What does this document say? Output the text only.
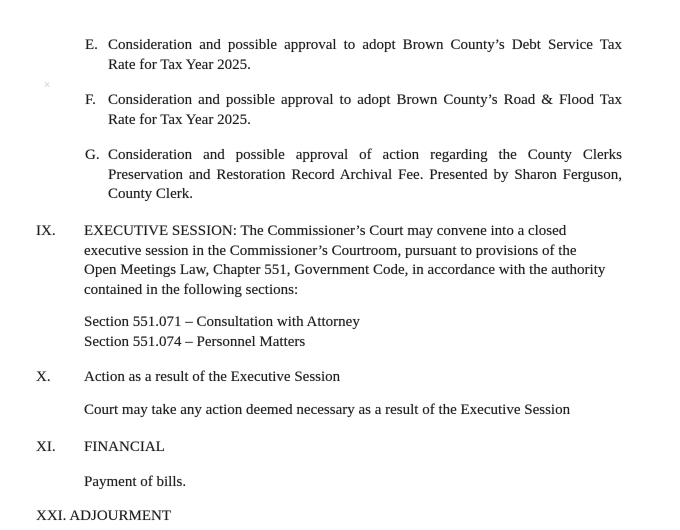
E. Consideration and possible approval to adopt Brown County’s Debt Service Tax
Rate for Tax Year 2025.
F. Consideration and possible approval to adopt Brown County’s Road & Flood Tax
Rate for Tax Year 2025.
G. Consideration and possible approval of action regarding the County Clerks
Preservation and Restoration Record Archival Fee. Presented by Sharon Ferguson,
County Clerk.
IX. EXECUTIVE SESSION: The Commissioner’s Court may convene into a closed
executive session in the Commissioner’s Courtroom, pursuant to provisions of the
Open Meetings Law, Chapter 551, Government Code, in accordance with the authority
contained in the following sections:
Section 551.071 – Consultation with Attorney
Section 551.074 – Personnel Matters
X. Action as a result of the Executive Session
Court may take any action deemed necessary as a result of the Executive Session
XI. FINANCIAL
Payment of bills.
XXI. ADJOURMENT
